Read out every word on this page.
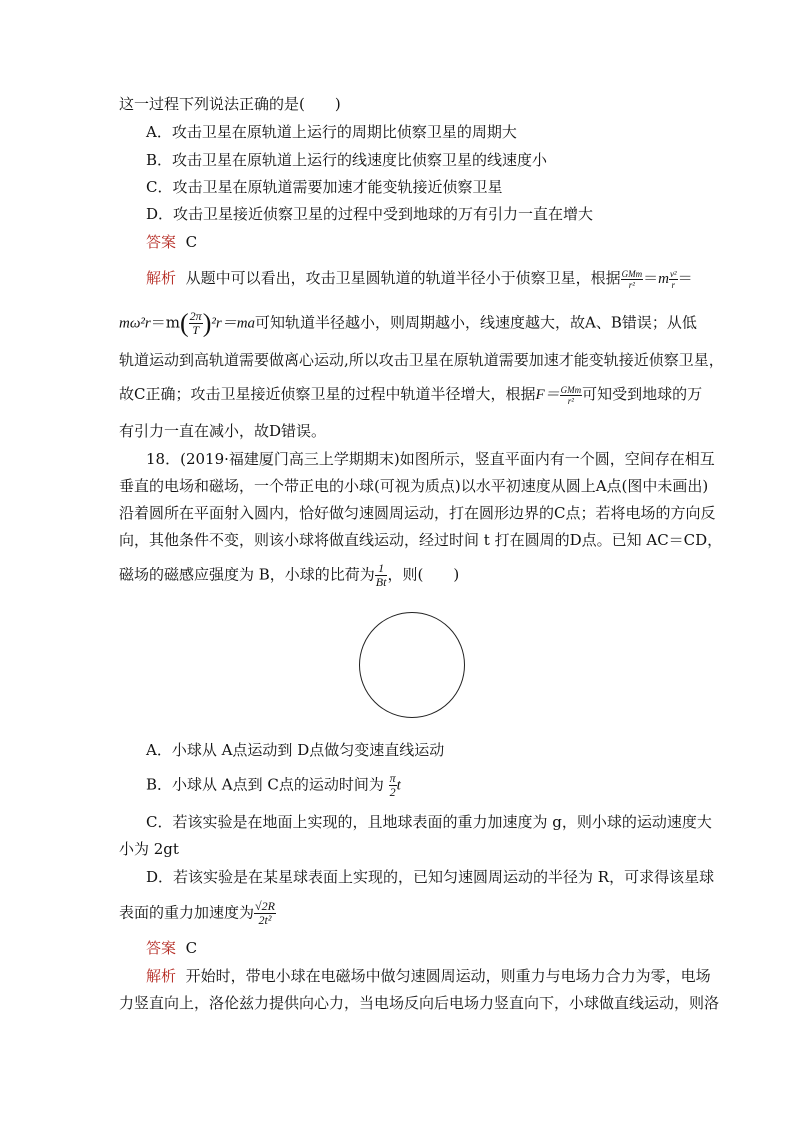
这一过程下列说法正确的是(　　)
A．攻击卫星在原轨道上运行的周期比侦察卫星的周期大
B．攻击卫星在原轨道上运行的线速度比侦察卫星的线速度小
C．攻击卫星在原轨道需要加速才能变轨接近侦察卫星
D．攻击卫星接近侦察卫星的过程中受到地球的万有引力一直在增大
答案 C
解析 从题中可以看出，攻击卫星圆轨道的轨道半径小于侦察卫星，根据 $\frac{\text{GMm}}{\text{r²}} =m \frac{\text{v²}}{r}$ ＝
$m\omega^2r=m( \frac{2\pi}{T} )^2r=ma$可知轨道半径越小，则周期越小，线速度越大，故A、B错误；从低
轨道运动到高轨道需要做离心运动,所以攻击卫星在原轨道需要加速才能变轨接近侦察卫星，
故C正确；攻击卫星接近侦察卫星的过程中轨道半径增大，根据$F= \frac{\text{GMm}}{\text{r²}}$ 可知受到地球的万
有引力一直在减小，故D错误。
18．(2019·福建厦门高三上学期期末)如图所示，竖直平面内有一个圆，空间存在相互
垂直的电场和磁场，一个带正电的小球(可视为质点)以水平初速度从圆上A点(图中未画出)
沿着圆所在平面射入圆内，恰好做匀速圆周运动，打在圆形边界的C点；若将电场的方向反
向，其他条件不变，则该小球将做直线运动，经过时间 t 打在圆周的D点。已知 AC＝CD，
磁场的磁感应强度为 B，小球的比荷为 $\frac{1}{Bt}$ ，则(　　)
A．小球从 A点运动到 D点做匀变速直线运动
B．小球从 A点到 C点的运动时间为 $\frac{\pi}{2}$ t
C．若该实验是在地面上实现的，且地球表面的重力加速度为 g，则小球的运动速度大
小为 2gt
D．若该实验是在某星球表面上实现的，已知匀速圆周运动的半径为 R，可求得该星球
表面的重力加速度为 $\frac{√2R}{\text{2t²}}$
答案 C
解析 开始时，带电小球在电磁场中做匀速圆周运动，则重力与电场力合力为零，电场
力竖直向上，洛伦兹力提供向心力，当电场反向后电场力竖直向下，小球做直线运动，则洛
